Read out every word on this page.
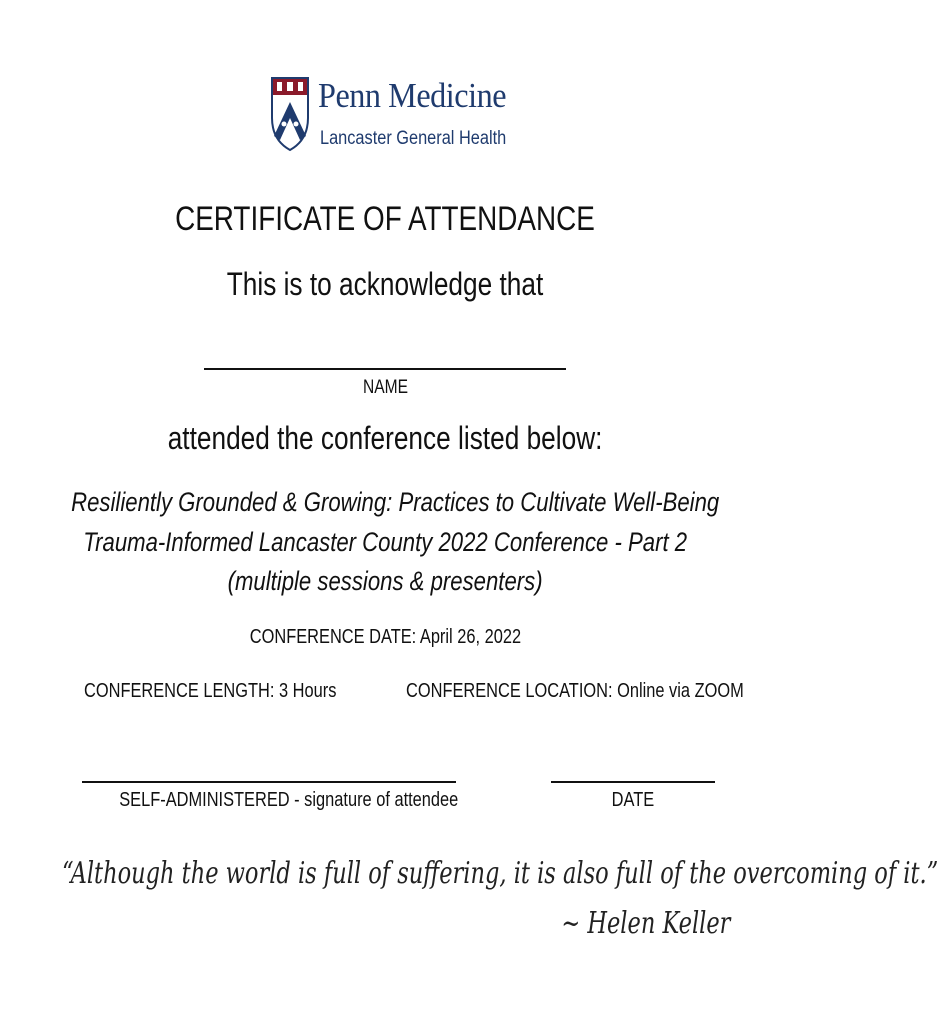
Penn Medicine
Lancaster General Health
CERTIFICATE OF ATTENDANCE
This is to acknowledge that
NAME
attended the conference listed below:
Resiliently Grounded & Growing: Practices to Cultivate Well-Being
Trauma-Informed Lancaster County 2022 Conference - Part 2
(multiple sessions & presenters)
CONFERENCE DATE: April 26, 2022
CONFERENCE LENGTH: 3 Hours	CONFERENCE LOCATION: Online via ZOOM
SELF-ADMINISTERED - signature of attendee	DATE
“Although the world is full of suffering, it is also full of the overcoming of it.”
~ Helen Keller
